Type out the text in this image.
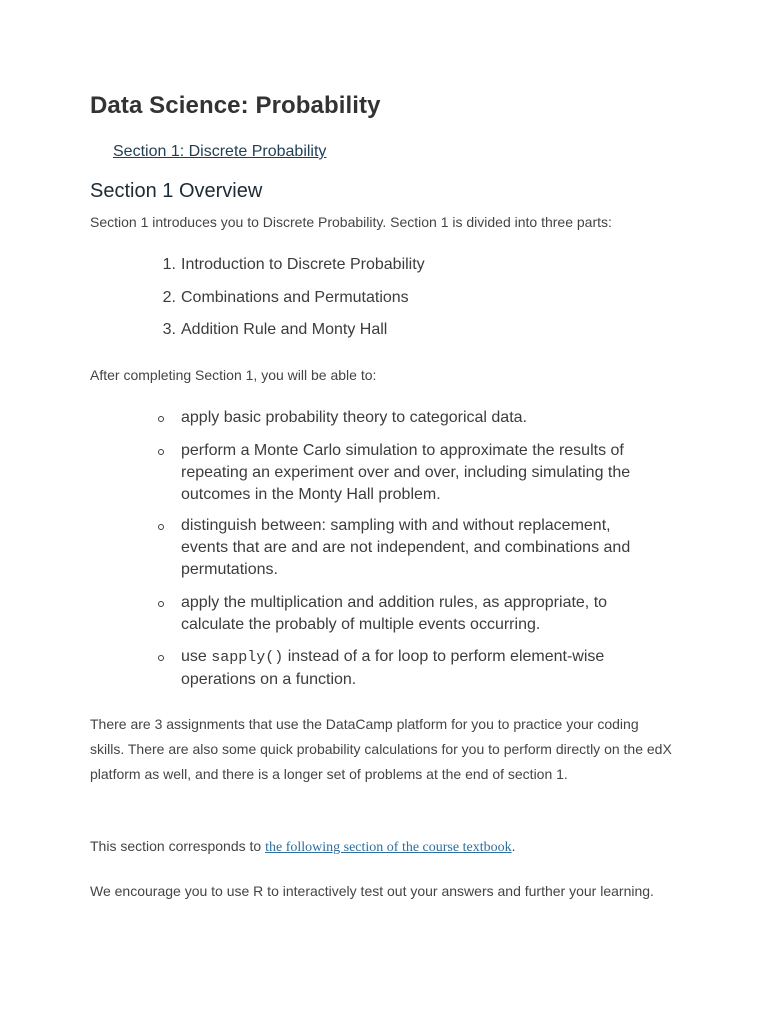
Data Science: Probability
Section 1: Discrete Probability
Section 1 Overview

Section 1 introduces you to Discrete Probability. Section 1 is divided into three parts:

1. Introduction to Discrete Probability
2. Combinations and Permutations
3. Addition Rule and Monty Hall

After completing Section 1, you will be able to:

apply basic probability theory to categorical data.
perform a Monte Carlo simulation to approximate the results of repeating an experiment over and over, including simulating the outcomes in the Monty Hall problem.
distinguish between: sampling with and without replacement, events that are and are not independent, and combinations and permutations.
apply the multiplication and addition rules, as appropriate, to calculate the probably of multiple events occurring.
use sapply() instead of a for loop to perform element-wise operations on a function.

There are 3 assignments that use the DataCamp platform for you to practice your coding skills. There are also some quick probability calculations for you to perform directly on the edX platform as well, and there is a longer set of problems at the end of section 1.

This section corresponds to the following section of the course textbook.

We encourage you to use R to interactively test out your answers and further your learning.
